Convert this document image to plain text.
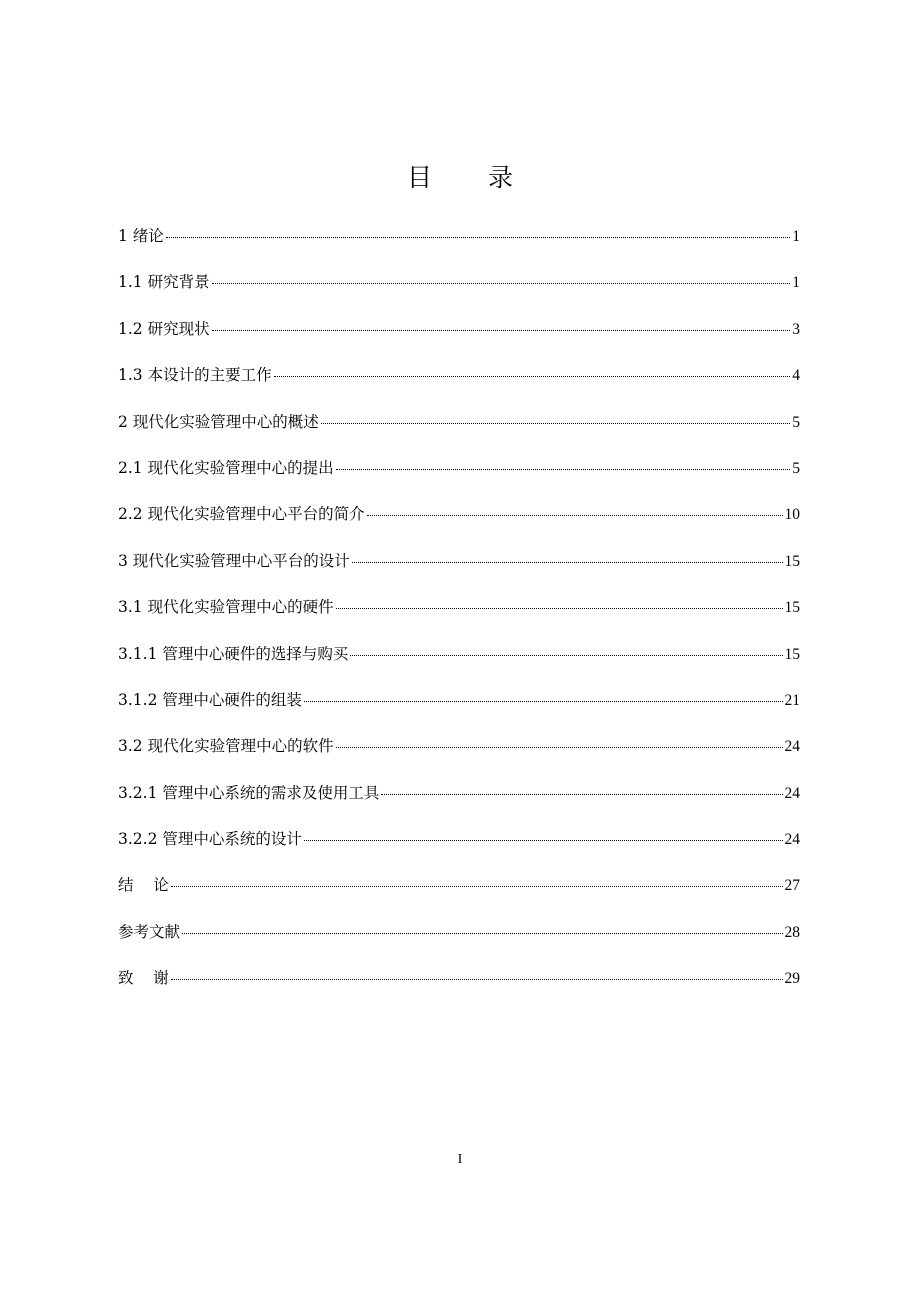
目 录
1 绪论	1
1.1 研究背景	1
1.2 研究现状	3
1.3 本设计的主要工作	4
2 现代化实验管理中心的概述	5
2.1 现代化实验管理中心的提出	5
2.2 现代化实验管理中心平台的简介	10
3 现代化实验管理中心平台的设计	15
3.1 现代化实验管理中心的硬件	15
3.1.1 管理中心硬件的选择与购买	15
3.1.2 管理中心硬件的组装	21
3.2 现代化实验管理中心的软件	24
3.2.1 管理中心系统的需求及使用工具	24
3.2.2 管理中心系统的设计	24
结    论	27
参考文献	28
致    谢	29
I
